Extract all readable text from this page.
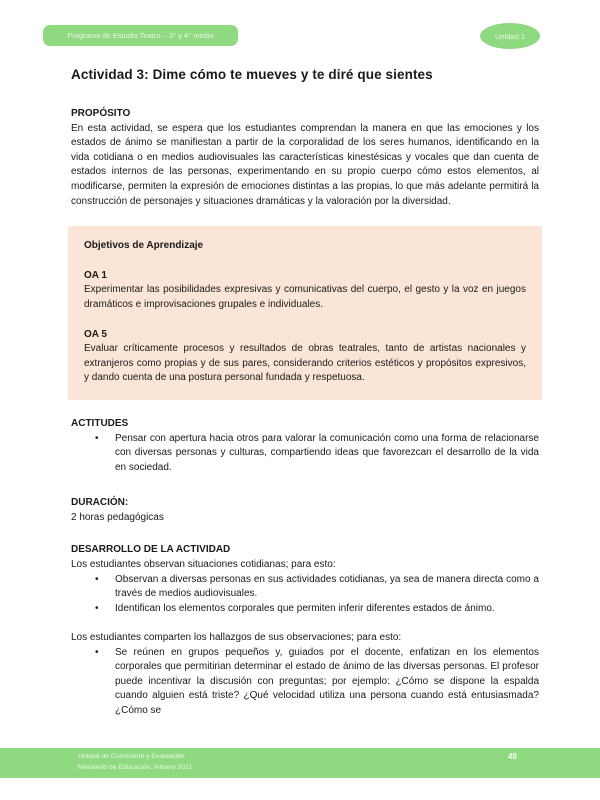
Programa de Estudio Teatro – 3° y 4° medio	Unidad 1
Actividad 3: Dime cómo te mueves y te diré que sientes
PROPÓSITO
En esta actividad, se espera que los estudiantes comprendan la manera en que las emociones y los estados de ánimo se manifiestan a partir de la corporalidad de los seres humanos, identificando en la vida cotidiana o en medios audiovisuales las características kinestésicas y vocales que dan cuenta de estados internos de las personas, experimentando en su propio cuerpo cómo estos elementos, al modificarse, permiten la expresión de emociones distintas a las propias, lo que más adelante permitirá la construcción de personajes y situaciones dramáticas y la valoración por la diversidad.
Objetivos de Aprendizaje
OA 1
Experimentar las posibilidades expresivas y comunicativas del cuerpo, el gesto y la voz en juegos dramáticos e improvisaciones grupales e individuales.
OA 5
Evaluar críticamente procesos y resultados de obras teatrales, tanto de artistas nacionales y extranjeros como propias y de sus pares, considerando criterios estéticos y propósitos expresivos, y dando cuenta de una postura personal fundada y respetuosa.
ACTITUDES
•	Pensar con apertura hacia otros para valorar la comunicación como una forma de relacionarse con diversas personas y culturas, compartiendo ideas que favorezcan el desarrollo de la vida en sociedad.
DURACIÓN:
2 horas pedagógicas
DESARROLLO DE LA ACTIVIDAD
Los estudiantes observan situaciones cotidianas; para esto:
•	Observan a diversas personas en sus actividades cotidianas, ya sea de manera directa como a través de medios audiovisuales.
•	Identifican los elementos corporales que permiten inferir diferentes estados de ánimo.
Los estudiantes comparten los hallazgos de sus observaciones; para esto:
•	Se reúnen en grupos pequeños y, guiados por el docente, enfatizan en los elementos corporales que permitirian determinar el estado de ánimo de las diversas personas. El profesor puede incentivar la discusión con preguntas; por ejemplo: ¿Cómo se dispone la espalda cuando alguien está triste? ¿Qué velocidad utiliza una persona cuando está entusiasmada? ¿Cómo se
Unidad de Currículum y Evaluación
Ministerio de Educación, febrero 2021
48
